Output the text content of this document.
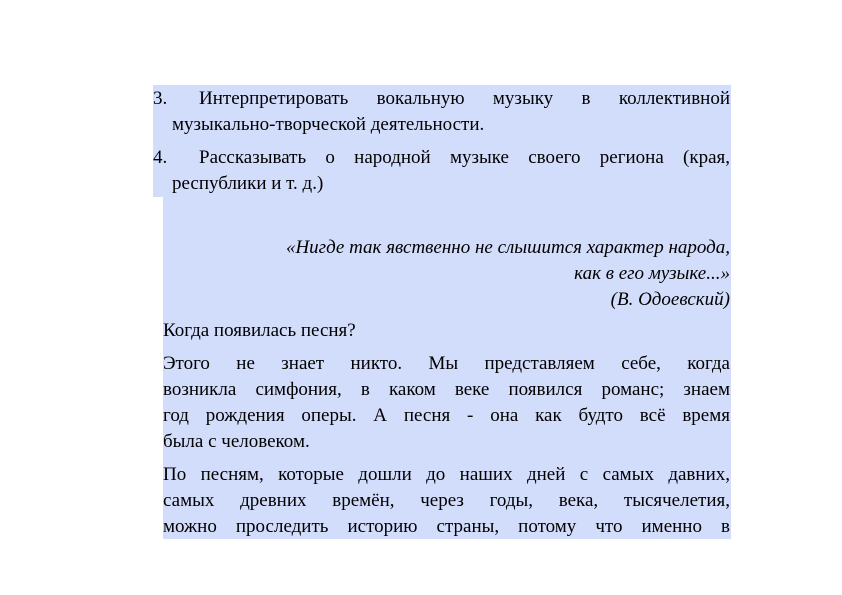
3. Интерпретировать вокальную музыку в коллективной
музыкально-творческой деятельности.
4. Рассказывать о народной музыке своего региона (края,
республики и т. д.)
«Нигде так явственно не слышится характер народа,
как в его музыке...»
(В. Одоевский)
Когда появилась песня?
Этого не знает никто. Мы представляем себе, когда
возникла симфония, в каком веке появился романс; знаем
год рождения оперы. А песня - она как будто всё время
была с человеком.
По песням, которые дошли до наших дней с самых давних,
самых древних времён, через годы, века, тысячелетия,
можно проследить историю страны, потому что именно в
